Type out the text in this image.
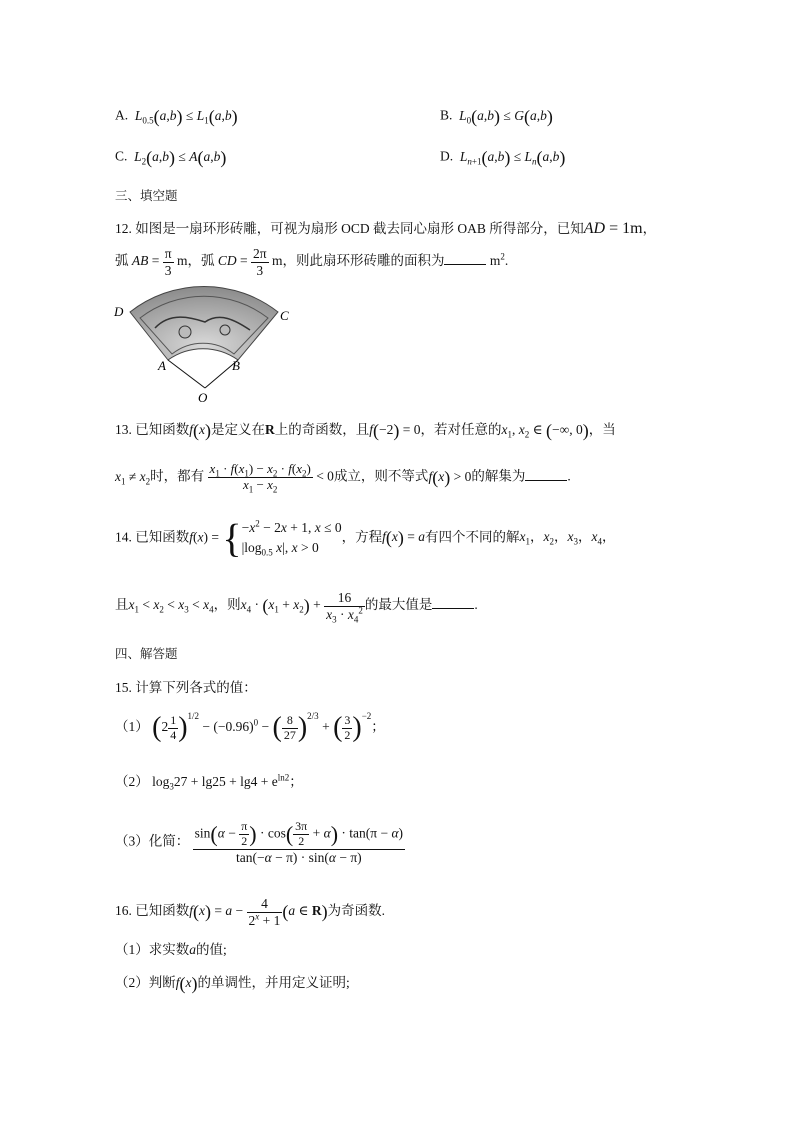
A. $L_{0.5}(a,b) \le L_1(a,b)$	B. $L_0(a,b) \le G(a,b)$
C. $L_2(a,b) \le A(a,b)$	D. $L_{n+1}(a,b) \le L_n(a,b)$
三、填空题
12. 如图是一扇环形砖雕，可视为扇形 OCD 截去同心扇形 OAB 所得部分，已知AD = 1m，
弧 AB = $\frac{\pi}{3}$ m，弧 CD = $\frac{2\pi}{3}$ m，则此扇环形砖雕的面积为	$m^2$.
D	C
A	B
O
13. 已知函数f(x)是定义在R上的奇函数，且f(−2) = 0，若对任意的$x_1$, $x_2$ ∈ (−∞, 0)，当
$x_1 \ne x_2$时，都有 $\frac{x_1 \cdot f(x_1) - x_2 \cdot f(x_2)}{x_1 - x_2} < 0$成立，则不等式f(x) > 0的解集为	.
14. 已知函数f(x) = { $-x^2 - 2x + 1$, x ≤ 0
$|\log_{0.5}$ x|, x > 0
，方程f(x) = a有四个不同的解$x_1$，$x_2$，$x_3$，$x_4$，
且$x_1 < x_2 < x_3 < x_4$，则$x_4 \cdot (x_1 + x_2) + \frac{16}{x_3 \cdot x_4^2}$ 的最大值是	.
四、解答题
15. 计算下列各式的值：
（1） $(2 \frac{1}{4} )^{1/2} - (-0.96)^0$ − ( $\frac{8}{27} )^{2/3}$ + ( $\frac{3}{2} )^{-2}$；
（2） $\log_327 + \lg 25 + \lg 4 + e^{ln2}$；
（3）化简： $\frac{\sin(\alpha - \frac{\pi}{2} ) \cdot \cos( \frac{3\pi}{2} + \alpha) \cdot \tan(\pi - \alpha)}{\tan(-\alpha - \pi) \cdot \sin(\alpha - \pi)}$
16. 已知函数$f(x) = a - \frac{4}{2^x + 1} (a$ ∈ R)为奇函数.
（1）求实数a的值;
（2）判断f(x)的单调性，并用定义证明;
